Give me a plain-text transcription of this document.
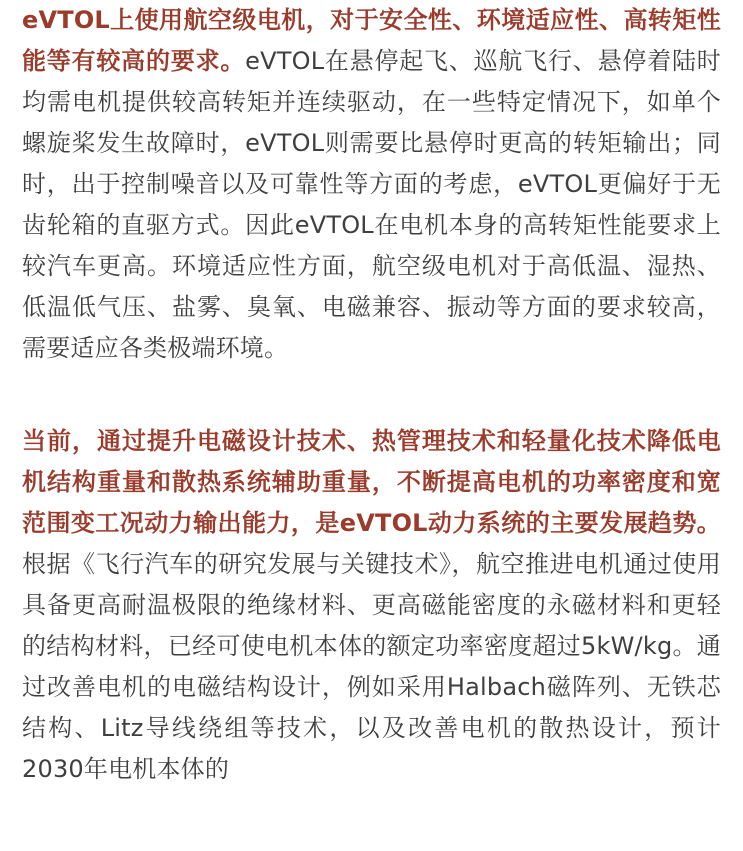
eVTOL上使用航空级电机，对于安全性、环境适应性、高转矩性能等有较高的要求。eVTOL在悬停起飞、巡航飞行、悬停着陆时均需电机提供较高转矩并连续驱动，在一些特定情况下，如单个螺旋桨发生故障时，eVTOL则需要比悬停时更高的转矩输出；同时，出于控制噪音以及可靠性等方面的考虑，eVTOL更偏好于无齿轮箱的直驱方式。因此eVTOL在电机本身的高转矩性能要求上较汽车更高。环境适应性方面，航空级电机对于高低温、湿热、低温低气压、盐雾、臭氧、电磁兼容、振动等方面的要求较高，需要适应各类极端环境。

当前，通过提升电磁设计技术、热管理技术和轻量化技术降低电机结构重量和散热系统辅助重量，不断提高电机的功率密度和宽范围变工况动力输出能力，是eVTOL动力系统的主要发展趋势。根据《飞行汽车的研究发展与关键技术》，航空推进电机通过使用具备更高耐温极限的绝缘材料、更高磁能密度的永磁材料和更轻的结构材料，已经可使电机本体的额定功率密度超过5kW/kg。通过改善电机的电磁结构设计，例如采用Halbach磁阵列、无铁芯结构、Litz导线绕组等技术，以及改善电机的散热设计，预计2030年电机本体的
